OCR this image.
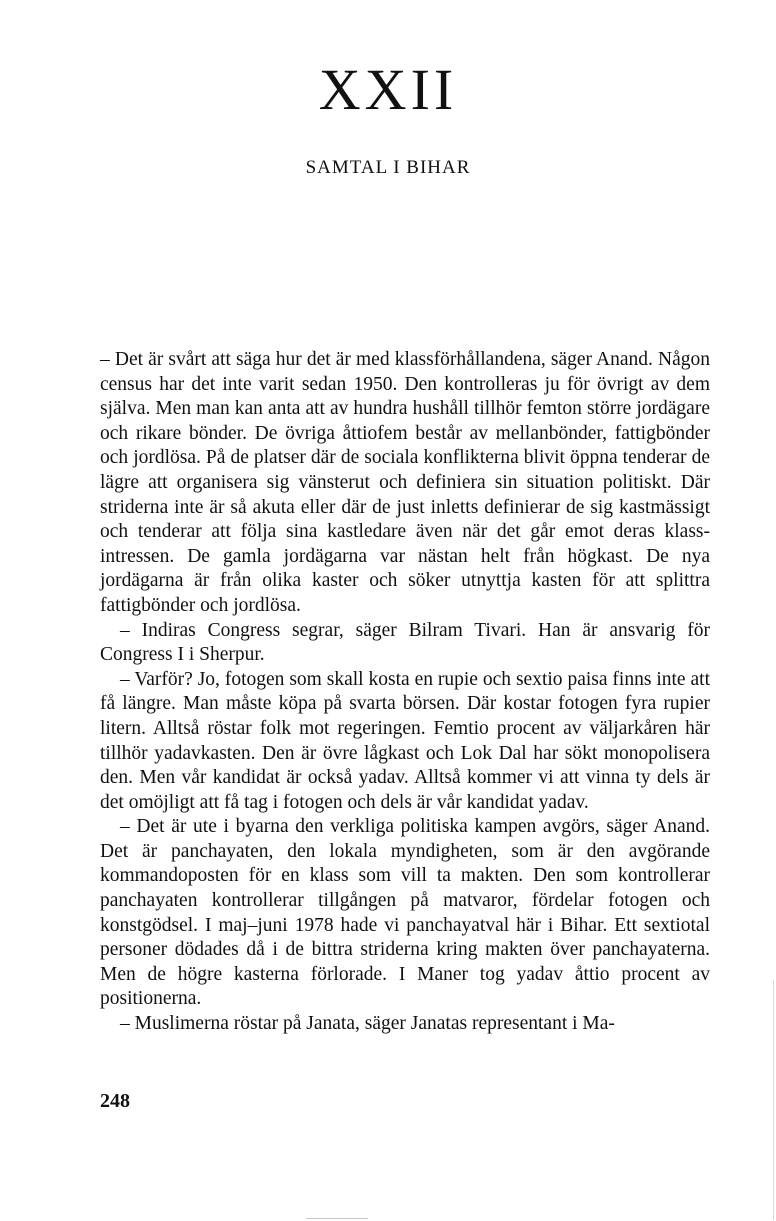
XXII
SAMTAL I BIHAR

– Det är svårt att säga hur det är med klassförhållandena, säger Anand. Någon census har det inte varit sedan 1950. Den kontrolleras ju för övrigt av dem själva. Men man kan anta att av hundra hushåll tillhör femton större jordägare och rikare bönder. De övriga åttiofem består av mellanbönder, fattigbönder och jordlösa. På de platser där de sociala konflikterna blivit öppna tenderar de lägre att organisera sig vänsterut och definiera sin situation politiskt. Där striderna inte är så akuta eller där de just inletts definierar de sig kastmässigt och tenderar att följa sina kastledare även när det går emot deras klassintressen. De gamla jordägarna var nästan helt från högkast. De nya jordägarna är från olika kaster och söker utnyttja kasten för att splittra fattigbönder och jordlösa.

– Indiras Congress segrar, säger Bilram Tivari. Han är ansvarig för Congress I i Sherpur.

– Varför? Jo, fotogen som skall kosta en rupie och sextio paisa finns inte att få längre. Man måste köpa på svarta börsen. Där kostar fotogen fyra rupier litern. Alltså röstar folk mot regeringen. Femtio procent av väljarkåren här tillhör yadavkasten. Den är övre lågkast och Lok Dal har sökt monopolisera den. Men vår kandidat är också yadav. Alltså kommer vi att vinna ty dels är det omöjligt att få tag i fotogen och dels är vår kandidat yadav.

– Det är ute i byarna den verkliga politiska kampen avgörs, säger Anand. Det är panchayaten, den lokala myndigheten, som är den avgörande kommandoposten för en klass som vill ta makten. Den som kontrollerar panchayaten kontrollerar tillgången på matvaror, fördelar fotogen och konstgödsel. I maj–juni 1978 hade vi panchayatval här i Bihar. Ett sextiotal personer dödades då i de bittra striderna kring makten över panchayaterna. Men de högre kasterna förlorade. I Maner tog yadav åttio procent av positionerna.

– Muslimerna röstar på Janata, säger Janatas representant i Ma-

248
